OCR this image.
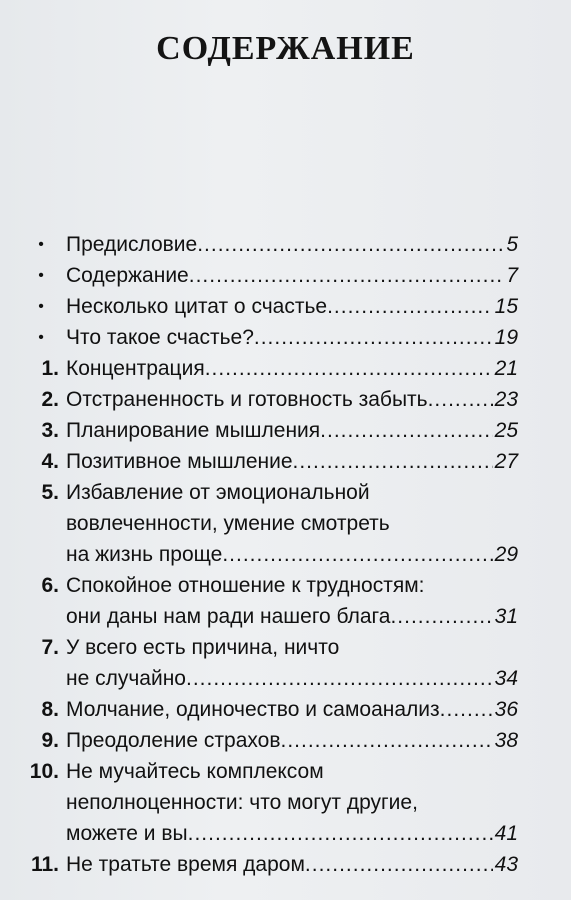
СОДЕРЖАНИЕ
•	Предисловие .....	5
•	Содержание .....	7
•	Несколько цитат о счастье .....	15
•	Что такое счастье? .....	19
1. Концентрация .....	21
2. Отстраненность и готовность забыть .....	23
3. Планирование мышления .....	25
4. Позитивное мышление .....	27
5. Избавление от эмоциональной
вовлеченности, умение смотреть
на жизнь проще .....	29
6. Спокойное отношение к трудностям:
они даны нам ради нашего блага .....	31
7. У всего есть причина, ничто
не случайно .....	34
8. Молчание, одиночество и самоанализ .....	36
9. Преодоление страхов .....	38
10. Не мучайтесь комплексом
неполноценности: что могут другие,
можете и вы .....	41
11. Не тратьте время даром .....	43
